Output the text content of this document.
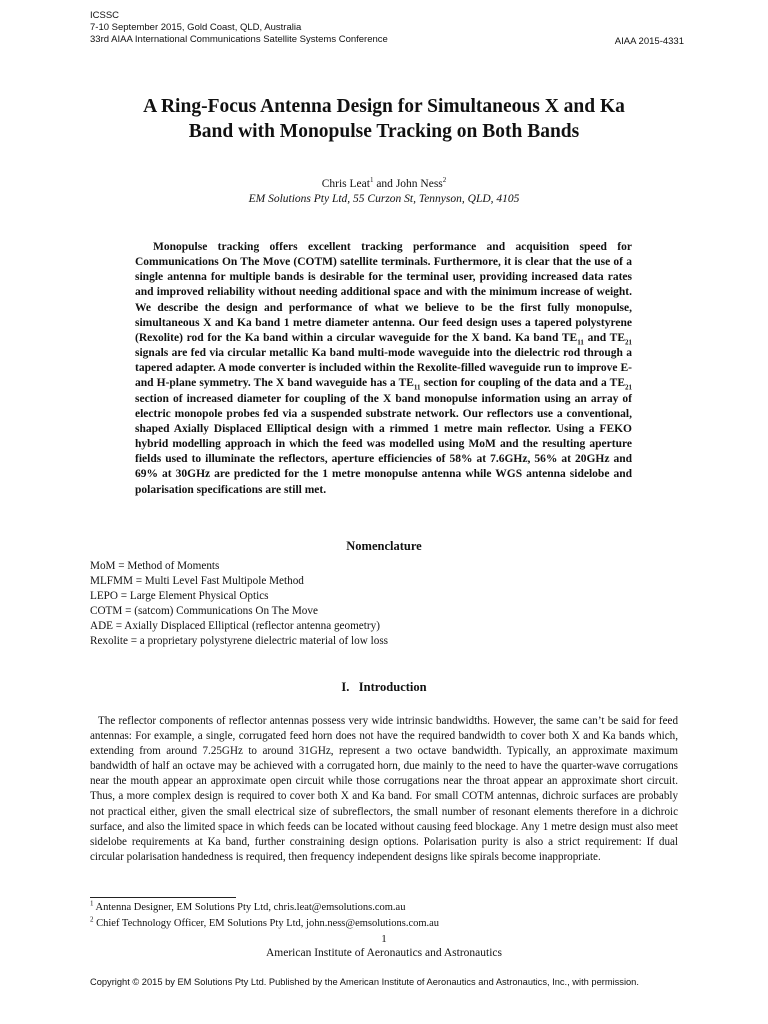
ICSSC
7-10 September 2015, Gold Coast, QLD, Australia
33rd AIAA International Communications Satellite Systems Conference	AIAA 2015-4331
A Ring-Focus Antenna Design for Simultaneous X and Ka
Band with Monopulse Tracking on Both Bands
Chris Leat$^1$ and John Ness$^2$
EM Solutions Pty Ltd, 55 Curzon St, Tennyson, QLD, 4105

Monopulse tracking offers excellent tracking performance and acquisition speed for Communications On The Move (COTM) satellite terminals. Furthermore, it is clear that the use of a single antenna for multiple bands is desirable for the terminal user, providing increased data rates and improved reliability without needing additional space and with the minimum increase of weight. We describe the design and performance of what we believe to be the first fully monopulse, simultaneous X and Ka band 1 metre diameter antenna. Our feed design uses a tapered polystyrene (Rexolite) rod for the Ka band within a circular waveguide for the X band. Ka band $TE_{11}$ and $TE_{21}$ signals are fed via circular metallic Ka band multi-mode waveguide into the dielectric rod through a tapered adapter. A mode converter is included within the Rexolite-filled waveguide run to improve E- and H-plane symmetry. The X band waveguide has a $TE_{11}$ section for coupling of the data and a $TE_{21}$ section of increased diameter for coupling of the X band monopulse information using an array of electric monopole probes fed via a suspended substrate network. Our reflectors use a conventional, shaped Axially Displaced Elliptical design with a rimmed 1 metre main reflector. Using a FEKO hybrid modelling approach in which the feed was modelled using MoM and the resulting aperture fields used to illuminate the reflectors, aperture efficiencies of 58% at 7.6GHz, 56% at 20GHz and 69% at 30GHz are predicted for the 1 metre monopulse antenna while WGS antenna sidelobe and polarisation specifications are still met.

Nomenclature
MoM = Method of Moments
MLFMM = Multi Level Fast Multipole Method
LEPO = Large Element Physical Optics
COTM = (satcom) Communications On The Move
ADE = Axially Displaced Elliptical (reflector antenna geometry)
Rexolite = a proprietary polystyrene dielectric material of low loss
I.   Introduction

The reflector components of reflector antennas possess very wide intrinsic bandwidths. However, the same can’t be said for feed antennas: For example, a single, corrugated feed horn does not have the required bandwidth to cover both X and Ka bands which, extending from around 7.25GHz to around 31GHz, represent a two octave bandwidth. Typically, an approximate maximum bandwidth of half an octave may be achieved with a corrugated horn, due mainly to the need to have the quarter-wave corrugations near the mouth appear an approximate open circuit while those corrugations near the throat appear an approximate short circuit. Thus, a more complex design is required to cover both X and Ka band. For small COTM antennas, dichroic surfaces are probably not practical either, given the small electrical size of subreflectors, the small number of resonant elements therefore in a dichroic surface, and also the limited space in which feeds can be located without causing feed blockage. Any 1 metre design must also meet sidelobe requirements at Ka band, further constraining design options. Polarisation purity is also a strict requirement: If dual circular polarisation handedness is required, then frequency independent designs like spirals become inappropriate.

$^1$ Antenna Designer, EM Solutions Pty Ltd, chris.leat@emsolutions.com.au
$^2$ Chief Technology Officer, EM Solutions Pty Ltd, john.ness@emsolutions.com.au
1
American Institute of Aeronautics and Astronautics
Copyright © 2015 by EM Solutions Pty Ltd. Published by the American Institute of Aeronautics and Astronautics, Inc., with permission.
